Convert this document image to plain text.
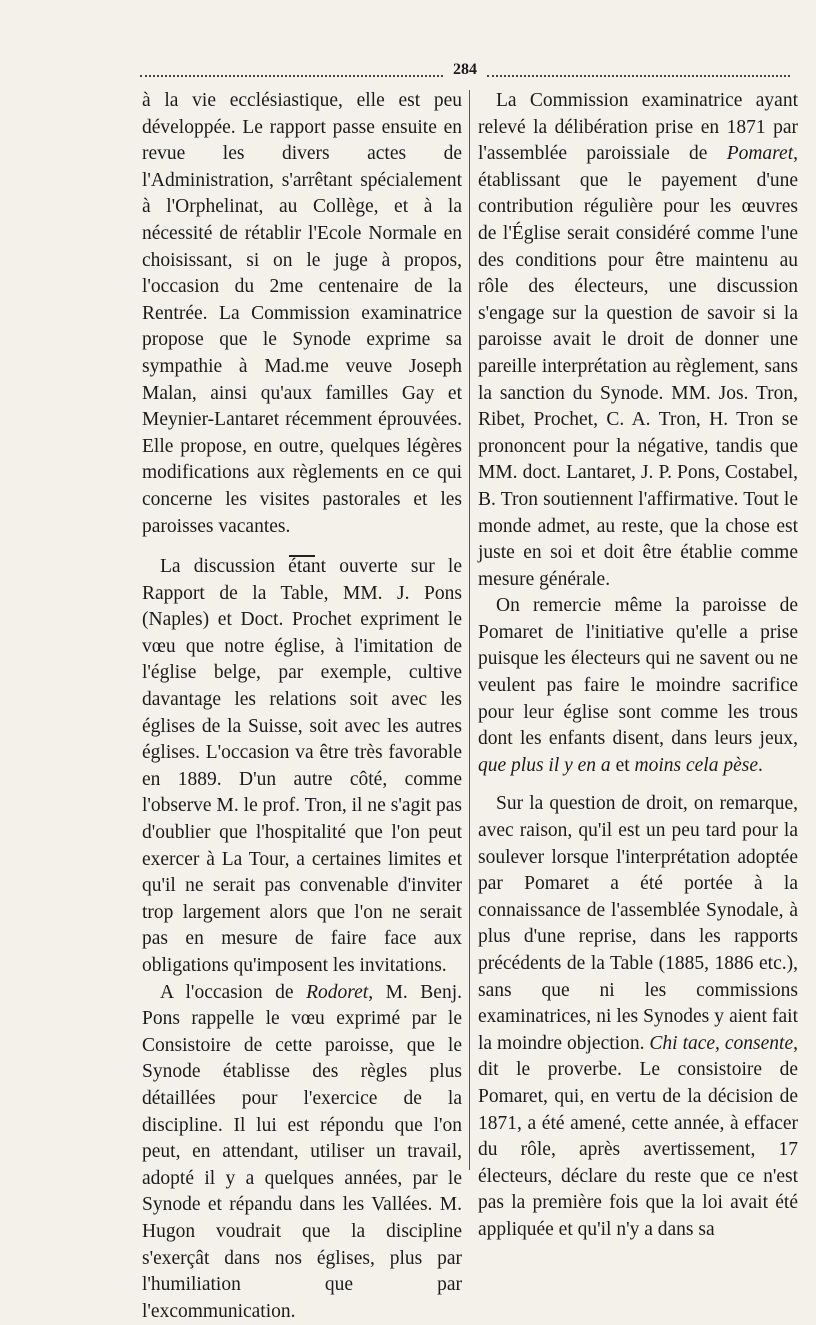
284

à la vie ecclésiastique, elle est peu développée. Le rapport passe ensuite en revue les divers actes de l'Administration, s'arrêtant spécialement à l'Orphelinat, au Collège, et à la nécessité de rétablir l'Ecole Normale en choisissant, si on le juge à propos, l'occasion du 2me centenaire de la Rentrée. La Commission examinatrice propose que le Synode exprime sa sympathie à Mad.me veuve Joseph Malan, ainsi qu'aux familles Gay et Meynier-Lantaret récemment éprouvées. Elle propose, en outre, quelques légères modifications aux règlements en ce qui concerne les visites pastorales et les paroisses vacantes.

La discussion étant ouverte sur le Rapport de la Table, MM. J. Pons (Naples) et Doct. Prochet expriment le vœu que notre église, à l'imitation de l'église belge, par exemple, cultive davantage les relations soit avec les églises de la Suisse, soit avec les autres églises. L'occasion va être très favorable en 1889. D'un autre côté, comme l'observe M. le prof. Tron, il ne s'agit pas d'oublier que l'hospitalité que l'on peut exercer à La Tour, a certaines limites et qu'il ne serait pas convenable d'inviter trop largement alors que l'on ne serait pas en mesure de faire face aux obligations qu'imposent les invitations.

A l'occasion de Rodoret, M. Benj. Pons rappelle le vœu exprimé par le Consistoire de cette paroisse, que le Synode établisse des règles plus détaillées pour l'exercice de la discipline. Il lui est répondu que l'on peut, en attendant, utiliser un travail, adopté il y a quelques années, par le Synode et répandu dans les Vallées. M. Hugon voudrait que la discipline s'exerçât dans nos églises, plus par l'humiliation que par l'excommunication.

La Commission examinatrice ayant relevé la délibération prise en 1871 par l'assemblée paroissiale de Pomaret, établissant que le payement d'une contribution régulière pour les œuvres de l'Église serait considéré comme l'une des conditions pour être maintenu au rôle des électeurs, une discussion s'engage sur la question de savoir si la paroisse avait le droit de donner une pareille interprétation au règlement, sans la sanction du Synode. MM. Jos. Tron, Ribet, Prochet, C. A. Tron, H. Tron se prononcent pour la négative, tandis que MM. doct. Lantaret, J. P. Pons, Costabel, B. Tron soutiennent l'affirmative. Tout le monde admet, au reste, que la chose est juste en soi et doit être établie comme mesure générale.

On remercie même la paroisse de Pomaret de l'initiative qu'elle a prise puisque les électeurs qui ne savent ou ne veulent pas faire le moindre sacrifice pour leur église sont comme les trous dont les enfants disent, dans leurs jeux, que plus il y en a et moins cela pèse.

Sur la question de droit, on remarque, avec raison, qu'il est un peu tard pour la soulever lorsque l'interprétation adoptée par Pomaret a été portée à la connaissance de l'assemblée Synodale, à plus d'une reprise, dans les rapports précédents de la Table (1885, 1886 etc.), sans que ni les commissions examinatrices, ni les Synodes y aient fait la moindre objection. Chi tace, consente, dit le proverbe. Le consistoire de Pomaret, qui, en vertu de la décision de 1871, a été amené, cette année, à effacer du rôle, après avertissement, 17 électeurs, déclare du reste que ce n'est pas la première fois que la loi avait été appliquée et qu'il n'y a dans sa
